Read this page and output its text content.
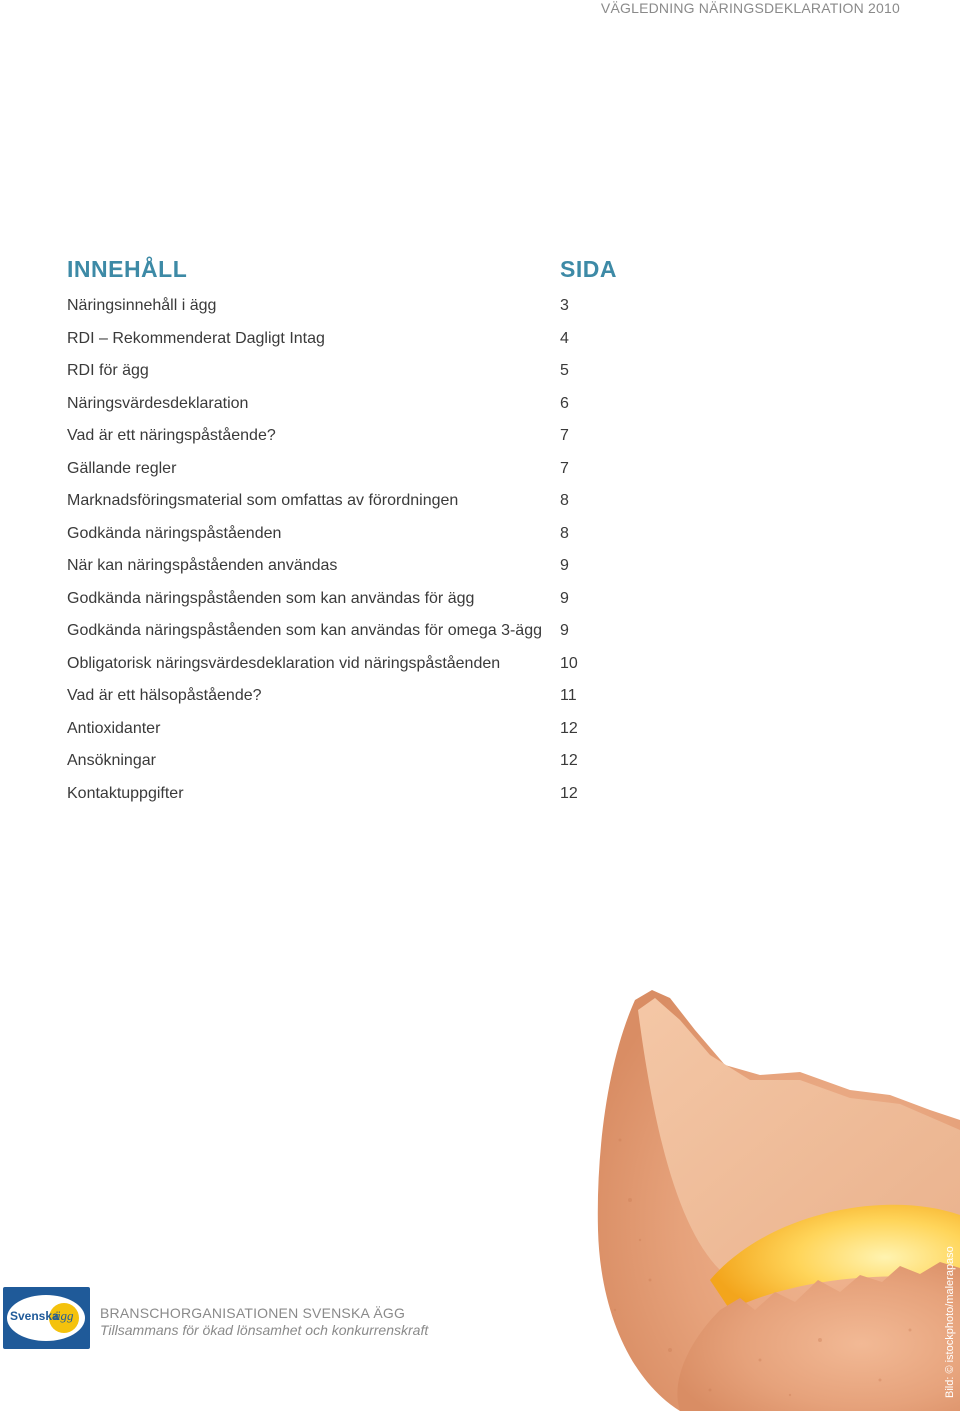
VÄGLEDNING NÄRINGSDEKLARATION 2010
INNEHÅLL	SIDA
Näringsinnehåll i ägg	3
RDI – Rekommenderat Dagligt Intag	4
RDI för ägg	5
Näringsvärdesdeklaration	6
Vad är ett näringspåstående?	7
Gällande regler	7
Marknadsföringsmaterial som omfattas av förordningen	8
Godkända näringspåståenden	8
När kan näringspåståenden användas	9
Godkända näringspåståenden som kan användas för ägg	9
Godkända näringspåståenden som kan användas för omega 3-ägg 9
Obligatorisk näringsvärdesdeklaration vid näringspåståenden	10
Vad är ett hälsopåstående?	11
Antioxidanter	12
Ansökningar	12
Kontaktuppgifter	12
Svenska
ägg BRANSCHORGANISATIONEN SVENSKA ÄGG
Tillsammans för ökad lönsamhet och konkurrenskraft	Bild: © istockphoto/malerapaso
